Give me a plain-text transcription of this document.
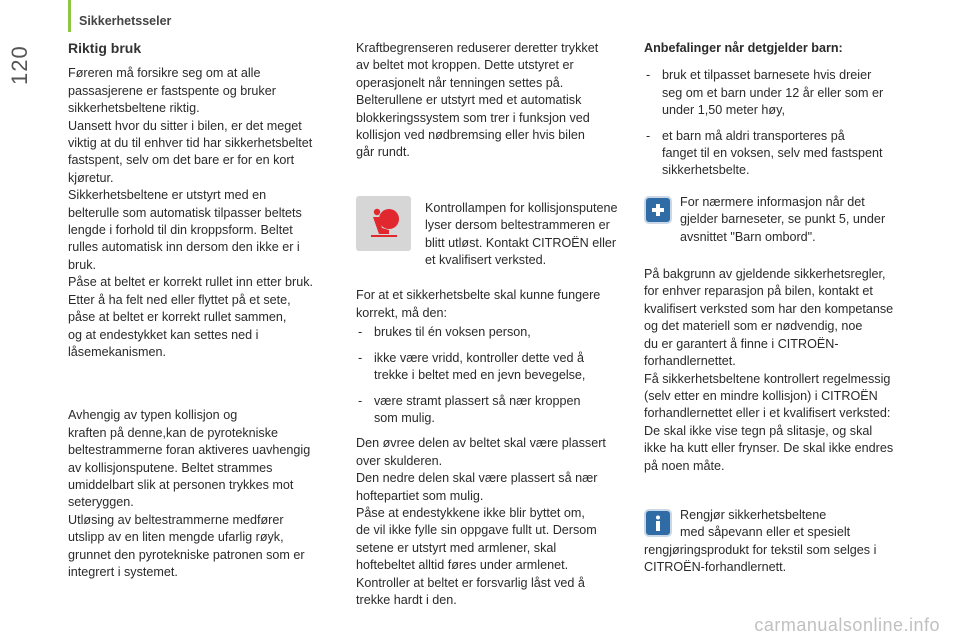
Sikkerhetsseler
120	Riktig bruk

Føreren må forsikre seg om at alle
passasjerene er fastspente og bruker
sikkerhetsbeltene riktig.
Uansett hvor du sitter i bilen, er det meget
viktig at du til enhver tid har sikkerhetsbeltet
fastspent, selv om det bare er for en kort
kjøretur.
Sikkerhetsbeltene er utstyrt med en
belterulle som automatisk tilpasser beltets
lengde i forhold til din kroppsform. Beltet
rulles automatisk inn dersom den ikke er i
bruk.
Påse at beltet er korrekt rullet inn etter bruk.
Etter å ha felt ned eller flyttet på et sete,
påse at beltet er korrekt rullet sammen,
og at endestykket kan settes ned i
låsemekanismen.

Avhengig av typen kollisjon og
kraften på denne,kan de pyrotekniske
beltestrammerne foran aktiveres uavhengig
av kollisjonsputene. Beltet strammes
umiddelbart slik at personen trykkes mot
seteryggen.
Utløsing av beltestrammerne medfører
utslipp av en liten mengde ufarlig røyk,
grunnet den pyrotekniske patronen som er
integrert i systemet.

Kraftbegrenseren reduserer deretter trykket
av beltet mot kroppen. Dette utstyret er
operasjonelt når tenningen settes på.
Belterullene er utstyrt med et automatisk
blokkeringssystem som trer i funksjon ved
kollisjon ved nødbremsing eller hvis bilen
går rundt.

Kontrollampen for kollisjonsputene
lyser dersom beltestrammeren er
blitt utløst. Kontakt CITROËN eller
et kvalifisert verksted.

For at et sikkerhetsbelte skal kunne fungere
korrekt, må den:

- brukes til én voksen person,
- ikke være vridd, kontroller dette ved å
trekke i beltet med en jevn bevegelse,
- være stramt plassert så nær kroppen
som mulig.

Den øvree delen av beltet skal være plassert
over skulderen.
Den nedre delen skal være plassert så nær
hoftepartiet som mulig.
Påse at endestykkene ikke blir byttet om,
de vil ikke fylle sin oppgave fullt ut. Dersom
setene er utstyrt med armlener, skal
hoftebeltet alltid føres under armlenet.
Kontroller at beltet er forsvarlig låst ved å
trekke hardt i den.

Anbefalinger når detgjelder barn:
- bruk et tilpasset barnesete hvis dreier
seg om et barn under 12 år eller som er
under 1,50 meter høy,
- et barn må aldri transporteres på
fanget til en voksen, selv med fastspent
sikkerhetsbelte.

For nærmere informasjon når det
gjelder barneseter, se punkt 5, under
avsnittet "Barn ombord".

På bakgrunn av gjeldende sikkerhetsregler,
for enhver reparasjon på bilen, kontakt et
kvalifisert verksted som har den kompetanse
og det materiell som er nødvendig, noe
du er garantert å finne i CITROËN-
forhandlernettet.
Få sikkerhetsbeltene kontrollert regelmessig
(selv etter en mindre kollisjon) i CITROËN
forhandlernettet eller i et kvalifisert verksted:
De skal ikke vise tegn på slitasje, og skal
ikke ha kutt eller frynser. De skal ikke endres
på noen måte.

Rengjør sikkerhetsbeltene
med såpevann eller et spesielt

rengjøringsprodukt for tekstil som selges i
CITROËN-forhandlernett.

carmanualsonline.info
